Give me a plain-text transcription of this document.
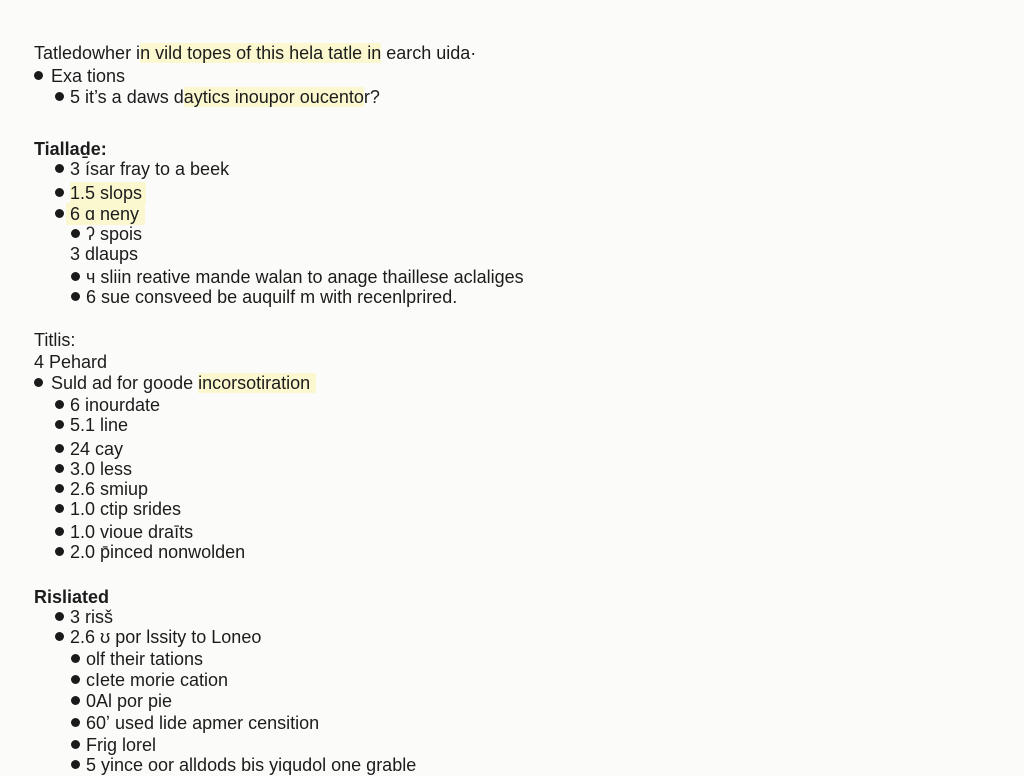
Tatledowher in vild topes of this hela tatle in earch uida·
Exa tions
5 it’s a daws daytics inoupor oucentor?
Tiallaḏe:
3 ísar fray to a beek
1.5 slops
6 ɑ neny
ʔ spois
3 dlaups
ч sliin reative mande walan to anage thaillese aclaliges
6 sue consveed be auquilf m with recenlprired.
Titlis:
4 Pehard
Suld ad for goode incorsotiration
6 inourdate
5.1 line
24 cay
3.0 less
2.6 smiup
1.0 ctip srides
1.0 viouе draīts
2.0 p̄inced nonwolden
Risliated
3 risš
2.6 ʊ por lssity to Loneo
olf their tations
cIete morie cation
0Al por pie
60ʼ used lide apmer censition
Frig lorel
5 yince oor alldods bis yiqudol one grable
